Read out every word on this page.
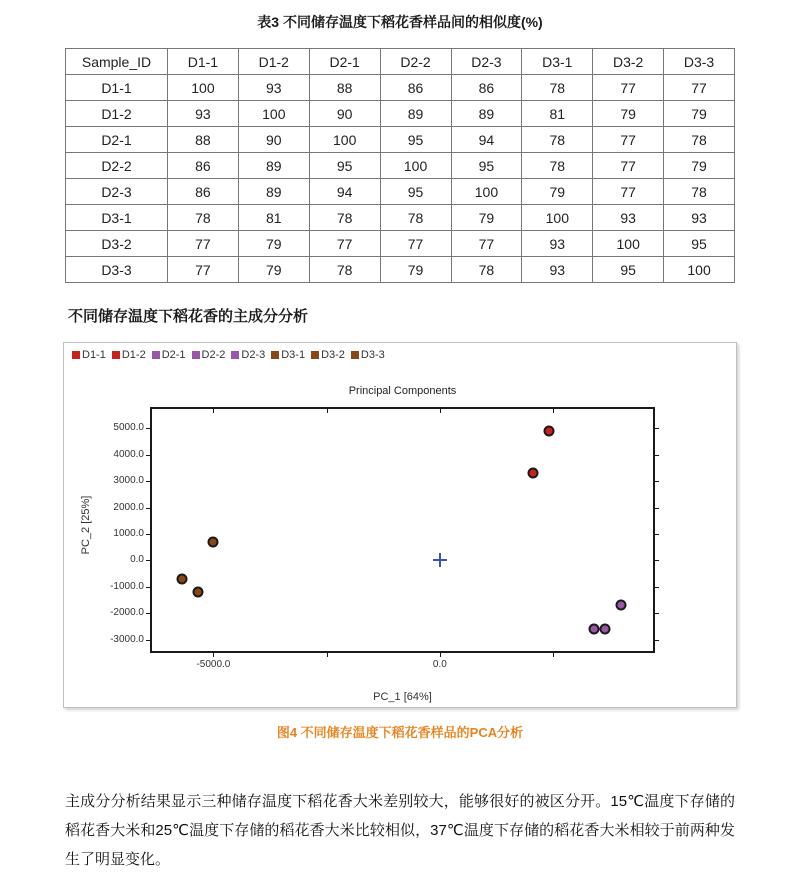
表3 不同储存温度下稻花香样品间的相似度(%)
Sample_ID	D1-1	D1-2	D2-1	D2-2	D2-3	D3-1	D3-2	D3-3
D1-1	100	93	88	86	86	78	77	77
D1-2	93	100	90	89	89	81	79	79
D2-1	88	90	100	95	94	78	77	78
D2-2	86	89	95	100	95	78	77	79
D2-3	86	89	94	95	100	79	77	78
D3-1	78	81	78	78	79	100	93	93
D3-2	77	79	77	77	77	93	100	95
D3-3	77	79	78	79	78	93	95	100
不同储存温度下稻花香的主成分分析
D1-1 D1-2 D2-1 D2-2 D2-3 D3-1 D3-2 D3-3
Principal Components
PC_2 [25%]
PC_1 [64%]
5000.0
4000.0
3000.0
2000.0
1000.0
0.0
-1000.0
-2000.0
-3000.0
-5000.0	0.0
图4 不同储存温度下稻花香样品的PCA分析

主成分分析结果显示三种储存温度下稻花香大米差别较大，能够很好的被区分开。15℃温度下存储的稻花香大米和25℃温度下存储的稻花香大米比较相似，37℃温度下存储的稻花香大米相较于前两种发生了明显变化。
